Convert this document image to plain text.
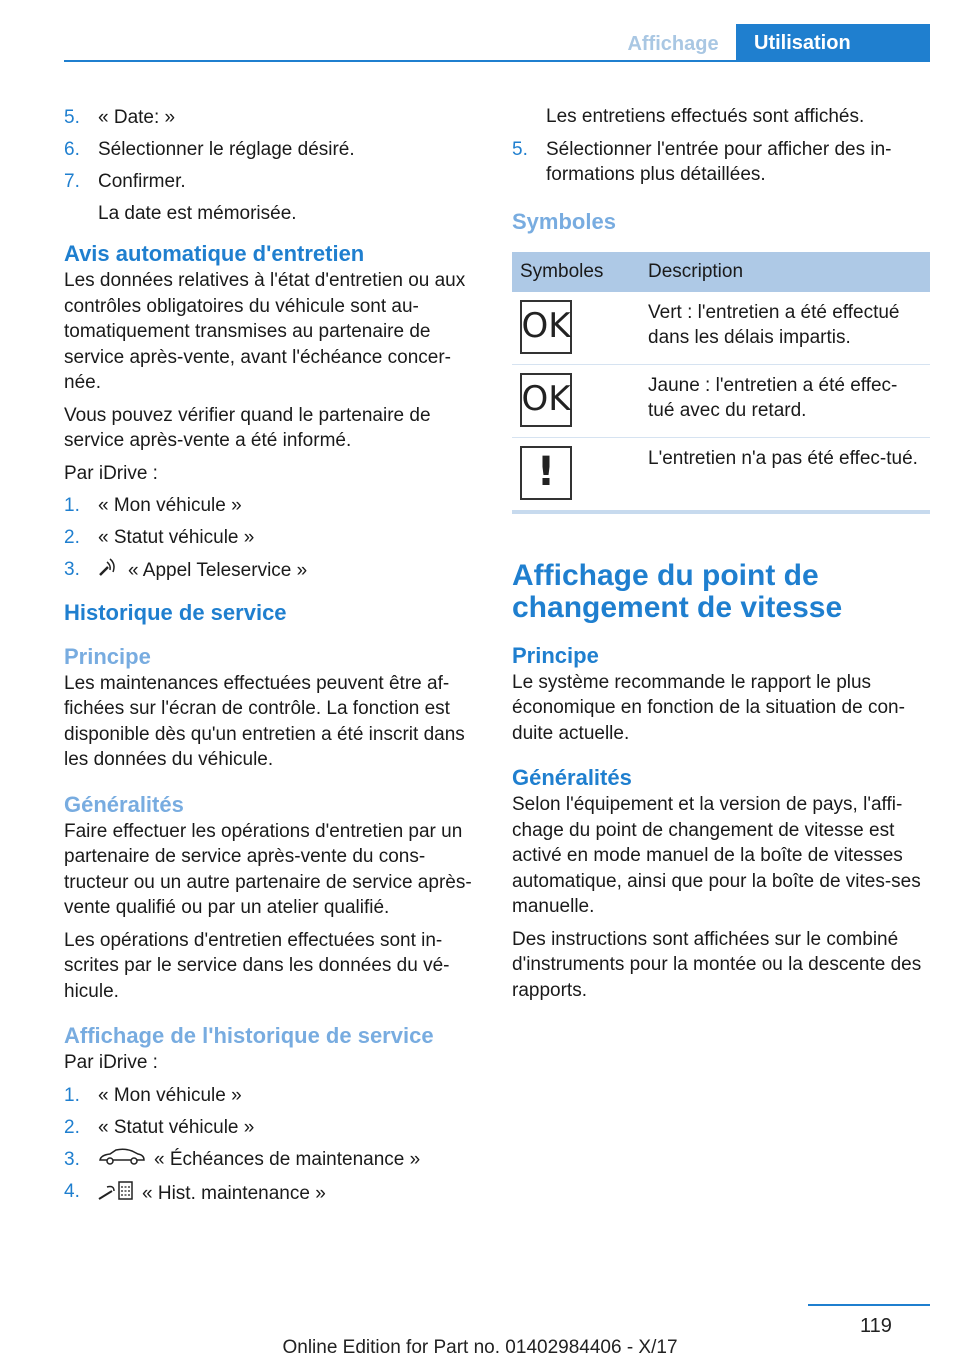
Affichage	Utilisation
5. « Date: »
6. Sélectionner le réglage désiré.
7. Confirmer.
La date est mémorisée.
Avis automatique d'entretien

Les données relatives à l'état d'entretien ou aux contrôles obligatoires du véhicule sont au‐tomatiquement transmises au partenaire de service après-vente, avant l'échéance concer‐née.

Vous pouvez vérifier quand le partenaire de service après-vente a été informé.

Par iDrive :

1. « Mon véhicule »
2. « Statut véhicule »
3.	« Appel Teleservice »
Historique de service
Principe

Les maintenances effectuées peuvent être af‐fichées sur l'écran de contrôle. La fonction est disponible dès qu'un entretien a été inscrit dans les données du véhicule.

Généralités

Faire effectuer les opérations d'entretien par un partenaire de service après-vente du cons‐tructeur ou un autre partenaire de service après-vente qualifié ou par un atelier qualifié.

Les opérations d'entretien effectuées sont in‐scrites par le service dans les données du vé‐hicule.

Affichage de l'historique de service

Par iDrive :

1. « Mon véhicule »
2. « Statut véhicule »
3.	« Échéances de maintenance »
4.	« Hist. maintenance »

Les entretiens effectués sont affichés.

5. Sélectionner l'entrée pour afficher des in‐formations plus détaillées.
Symboles
Symboles	Description

OK	Vert : l'entretien a été effectué dans les délais impartis.

OK	Jaune : l'entretien a été effec‐tué avec du retard.

!	L'entretien n'a pas été effec‐tué.
Affichage du point de changement de vitesse
Principe

Le système recommande le rapport le plus économique en fonction de la situation de con‐duite actuelle.

Généralités

Selon l'équipement et la version de pays, l'affi‐chage du point de changement de vitesse est activé en mode manuel de la boîte de vitesses automatique, ainsi que pour la boîte de vites‐ses manuelle.

Des instructions sont affichées sur le combiné d'instruments pour la montée ou la descente des rapports.

119
Online Edition for Part no. 01402984406 - X/17
